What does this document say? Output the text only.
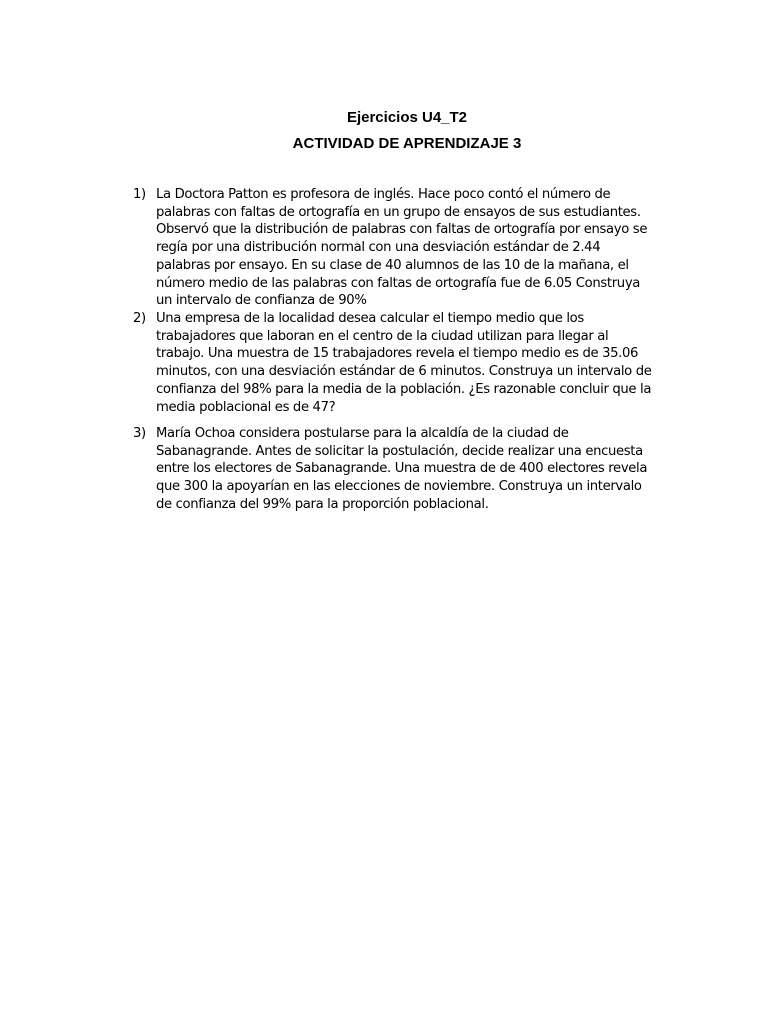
Ejercicios U4_T2
ACTIVIDAD DE APRENDIZAJE 3
1) La Doctora Patton es profesora de inglés. Hace poco contó el número de palabras con faltas de ortografía en un grupo de ensayos de sus estudiantes. Observó que la distribución de palabras con faltas de ortografía por ensayo se regía por una distribución normal con una desviación estándar de 2.44 palabras por ensayo. En su clase de 40 alumnos de las 10 de la mañana, el número medio de las palabras con faltas de ortografía fue de 6.05 Construya un intervalo de confianza de 90%
2) Una empresa de la localidad desea calcular el tiempo medio que los trabajadores que laboran en el centro de la ciudad utilizan para llegar al trabajo. Una muestra de 15 trabajadores revela el tiempo medio es de 35.06 minutos, con una desviación estándar de 6 minutos. Construya un intervalo de confianza del 98% para la media de la población. ¿Es razonable concluir que la media poblacional es de 47?
3) María Ochoa considera postularse para la alcaldía de la ciudad de Sabanagrande. Antes de solicitar la postulación, decide realizar una encuesta entre los electores de Sabanagrande. Una muestra de de 400 electores revela que 300 la apoyarían en las elecciones de noviembre. Construya un intervalo de confianza del 99% para la proporción poblacional.
